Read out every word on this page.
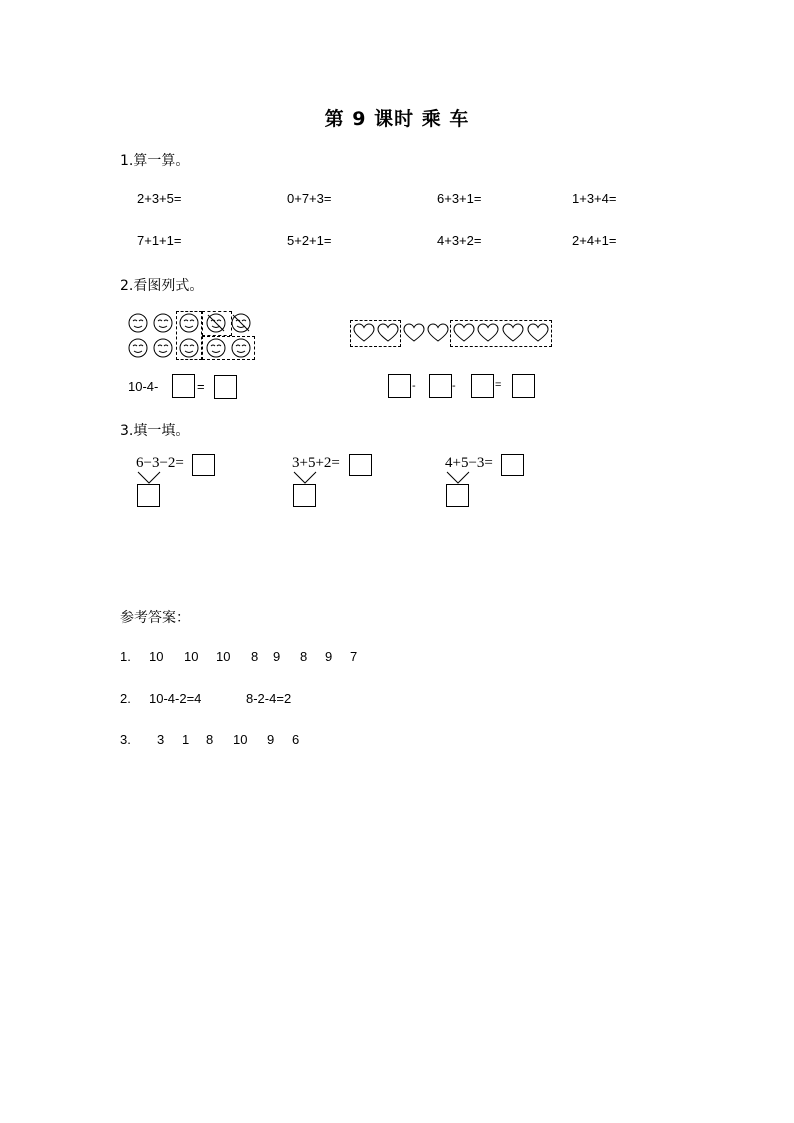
第 9 课时 乘 车
1.算一算。
2+3+5=	0+7+3=	6+3+1=	1+3+4=
7+1+1=	5+2+1=	4+3+2=	2+4+1=
2.看图列式。
10-4-	=	-	-	=
3.填一填。
6−3−2=	3+5+2=	4+5−3=
参考答案：
1. 10 10 10 8 9 8 9 7
2. 10-4-2=4	8-2-4=2
3. 3 1 8 10 9 6
